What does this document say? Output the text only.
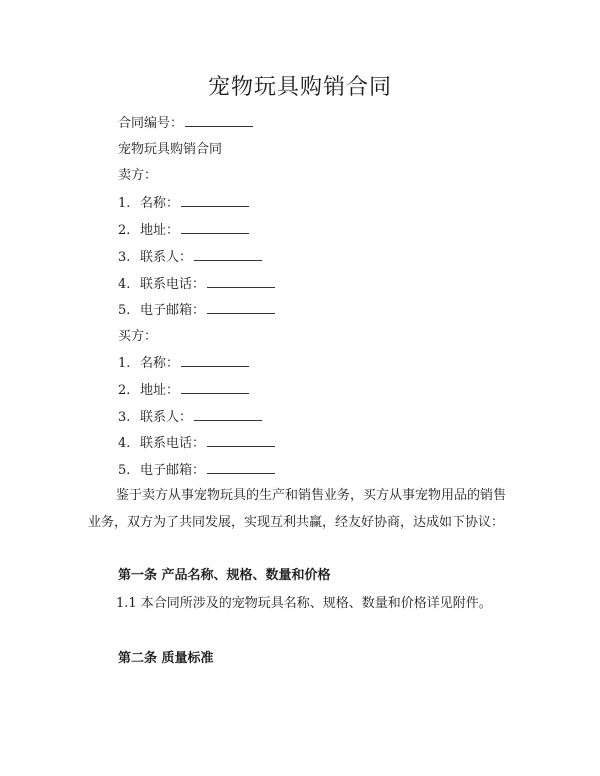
宠物玩具购销合同
合同编号：
宠物玩具购销合同
卖方：
1. 名称：
2. 地址：
3. 联系人：
4. 联系电话：
5. 电子邮箱：
买方：
1. 名称：
2. 地址：
3. 联系人：
4. 联系电话：
5. 电子邮箱：
鉴于卖方从事宠物玩具的生产和销售业务，买方从事宠物用品的销售业务，双方为了共同发展，实现互利共赢，经友好协商，达成如下协议：
第一条 产品名称、规格、数量和价格
1.1 本合同所涉及的宠物玩具名称、规格、数量和价格详见附件。
第二条 质量标准
